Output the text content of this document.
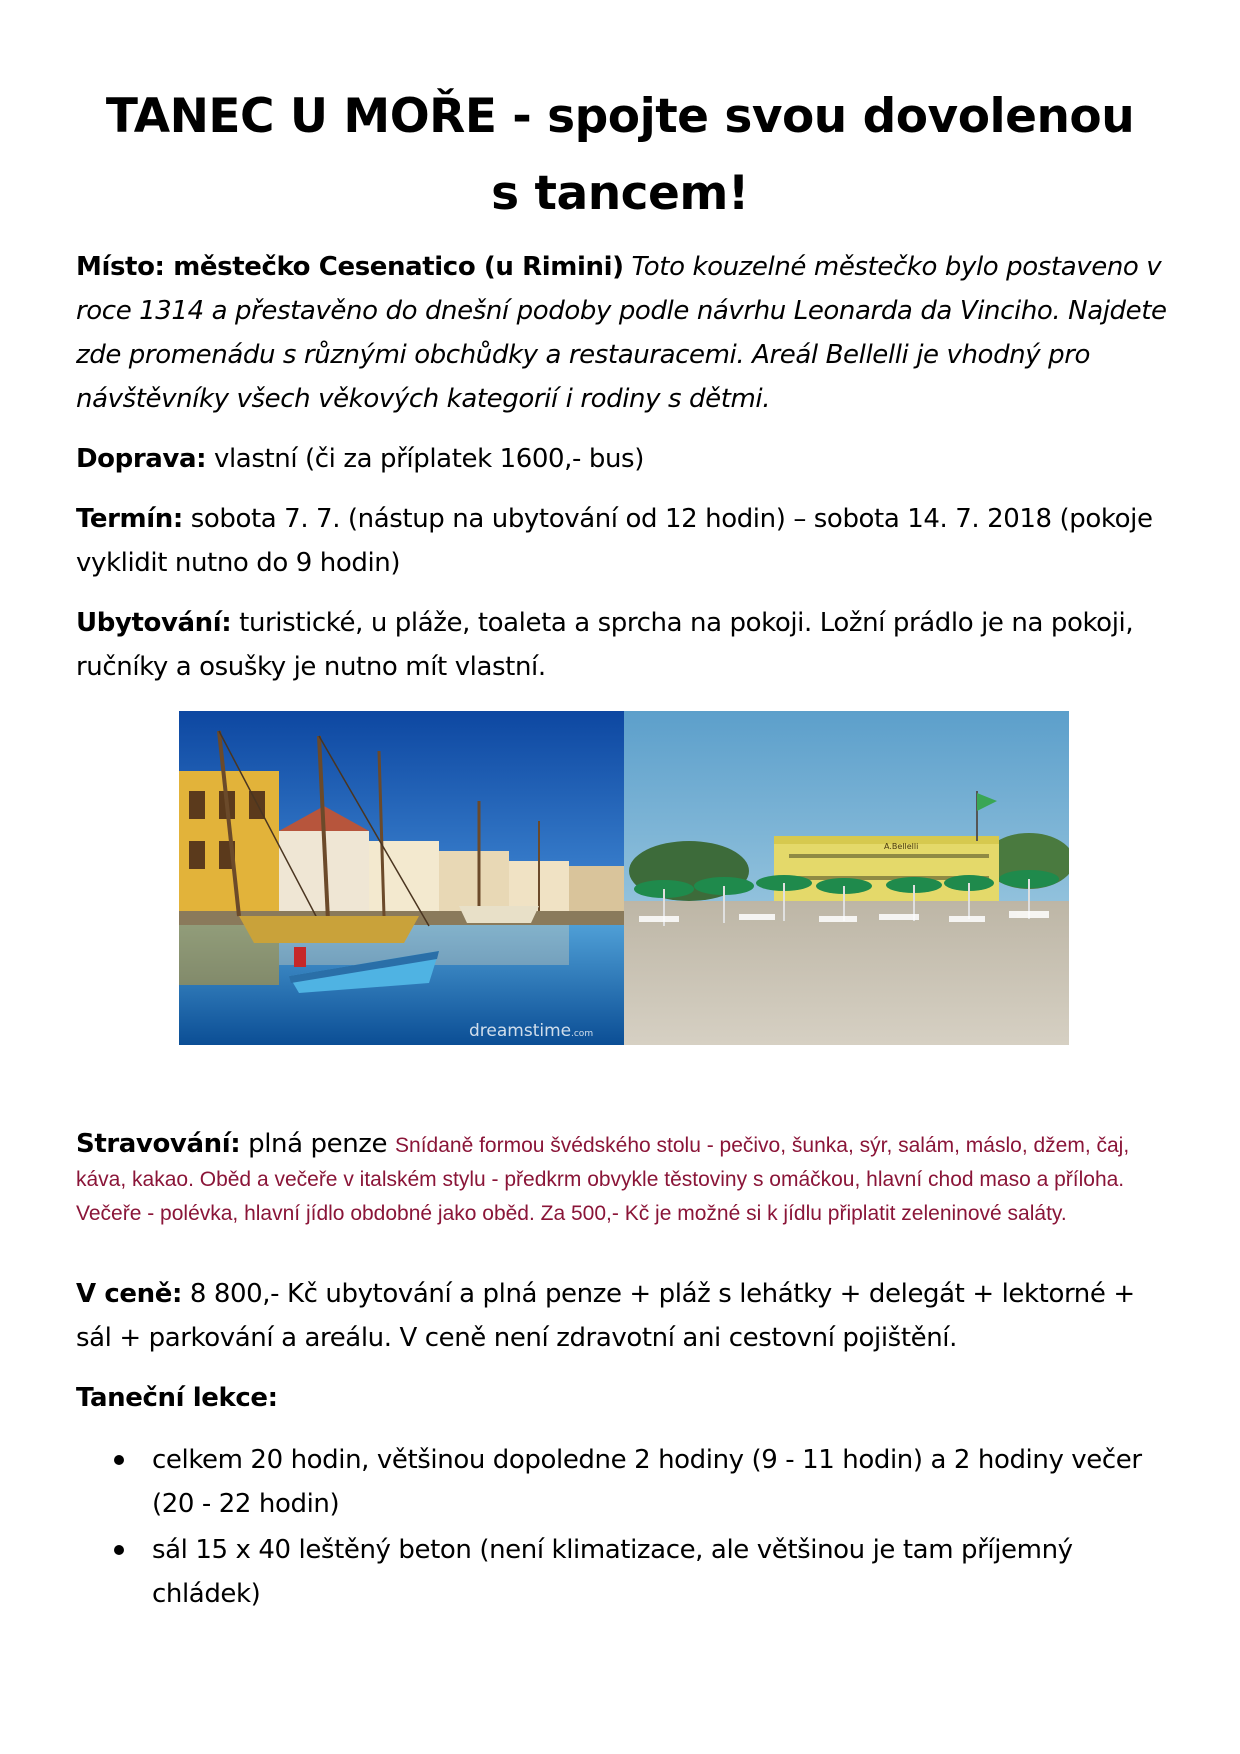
TANEC U MOŘE - spojte svou dovolenou
s tancem!
Místo: městečko Cesenatico (u Rimini) Toto kouzelné městečko bylo postaveno v roce 1314 a přestavěno do dnešní podoby podle návrhu Leonarda da Vinciho. Najdete zde promenádu s různými obchůdky a restauracemi. Areál Bellelli je vhodný pro návštěvníky všech věkových kategorií i rodiny s dětmi.
Doprava: vlastní (či za příplatek 1600,- bus)
Termín: sobota 7. 7. (nástup na ubytování od 12 hodin) – sobota 14. 7. 2018 (pokoje vyklidit nutno do 9 hodin)
Ubytování: turistické, u pláže, toaleta a sprcha na pokoji. Ložní prádlo je na pokoji, ručníky a osušky je nutno mít vlastní.
dreamstime .com
A.Bellelli
Stravování: plná penze Snídaně formou švédského stolu - pečivo, šunka, sýr, salám, máslo, džem, čaj, káva, kakao. Oběd a večeře v italském stylu - předkrm obvykle těstoviny s omáčkou, hlavní chod maso a příloha. Večeře - polévka, hlavní jídlo obdobné jako oběd. Za 500,- Kč je možné si k jídlu připlatit zeleninové saláty.
V ceně: 8 800,- Kč ubytování a plná penze + pláž s lehátky + delegát + lektorné + sál + parkování a areálu. V ceně není zdravotní ani cestovní pojištění.
Taneční lekce:
celkem 20 hodin, většinou dopoledne 2 hodiny (9 - 11 hodin) a 2 hodiny večer (20 - 22 hodin)
sál 15 x 40 leštěný beton (není klimatizace, ale většinou je tam příjemný chládek)
